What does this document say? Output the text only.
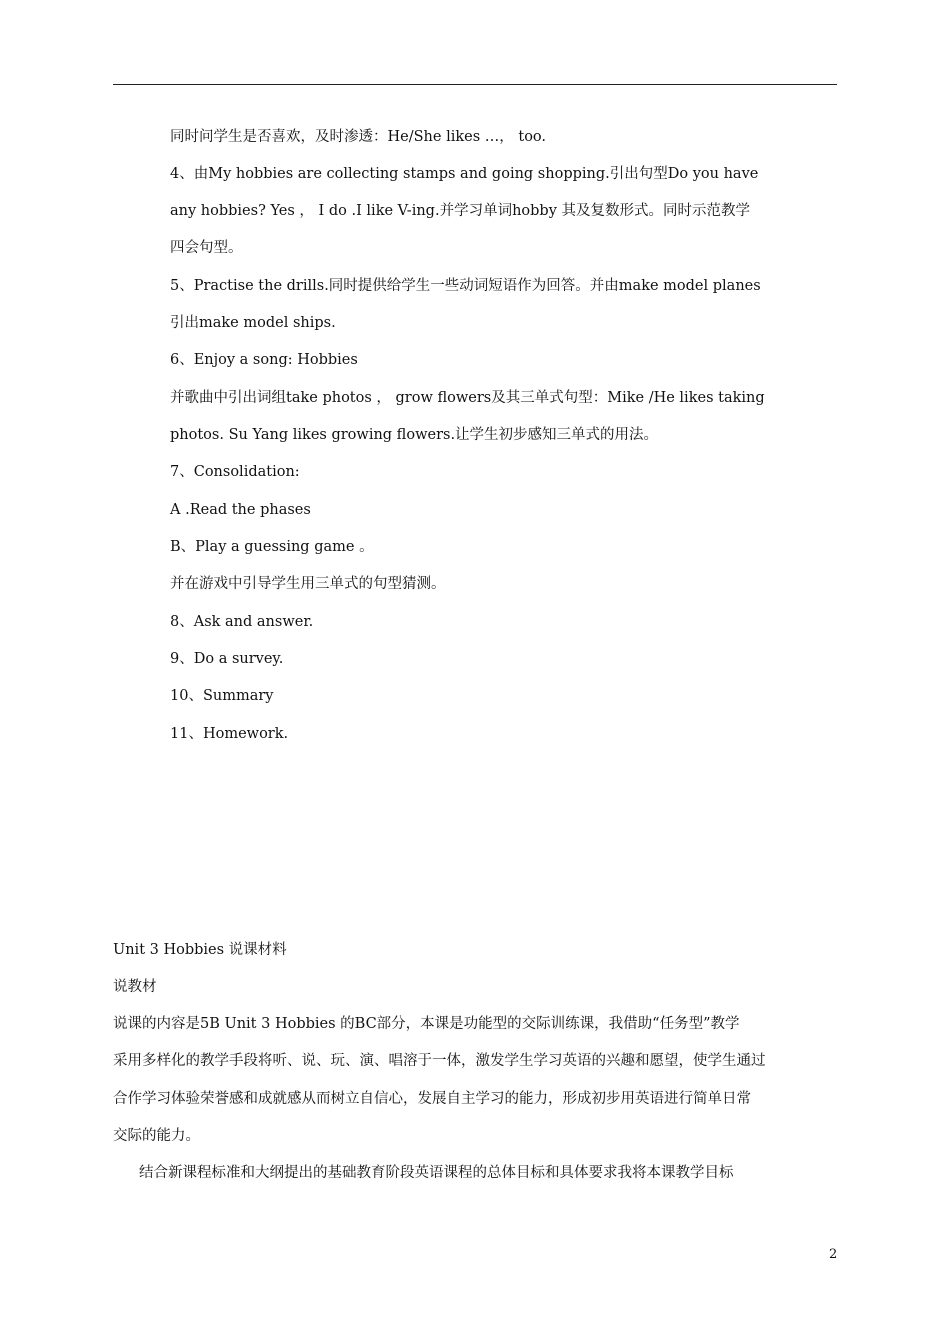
同时问学生是否喜欢，及时渗透：He/She likes …， too.
4、由My hobbies are collecting stamps and going shopping.引出句型Do you have
any hobbies? Yes ， I do .I like V-ing.并学习单词hobby 其及复数形式。同时示范教学
四会句型。
5、Practise the drills.同时提供给学生一些动词短语作为回答。并由make model planes
引出make model ships.
6、Enjoy a song: Hobbies
并歌曲中引出词组take photos ， grow flowers及其三单式句型：Mike /He likes taking
photos. Su Yang likes growing flowers.让学生初步感知三单式的用法。
7、Consolidation:
A .Read the phases
B、Play a guessing game 。
并在游戏中引导学生用三单式的句型猜测。
8、Ask and answer.
9、Do a survey.
10、Summary
11、Homework.
Unit 3 Hobbies 说课材料
说教材
说课的内容是5B Unit 3 Hobbies 的BC部分，本课是功能型的交际训练课，我借助“任务型”教学
采用多样化的教学手段将听、说、玩、演、唱溶于一体，激发学生学习英语的兴趣和愿望，使学生通过
合作学习体验荣誉感和成就感从而树立自信心，发展自主学习的能力，形成初步用英语进行简单日常
交际的能力。
结合新课程标准和大纲提出的基础教育阶段英语课程的总体目标和具体要求我将本课教学目标
2
